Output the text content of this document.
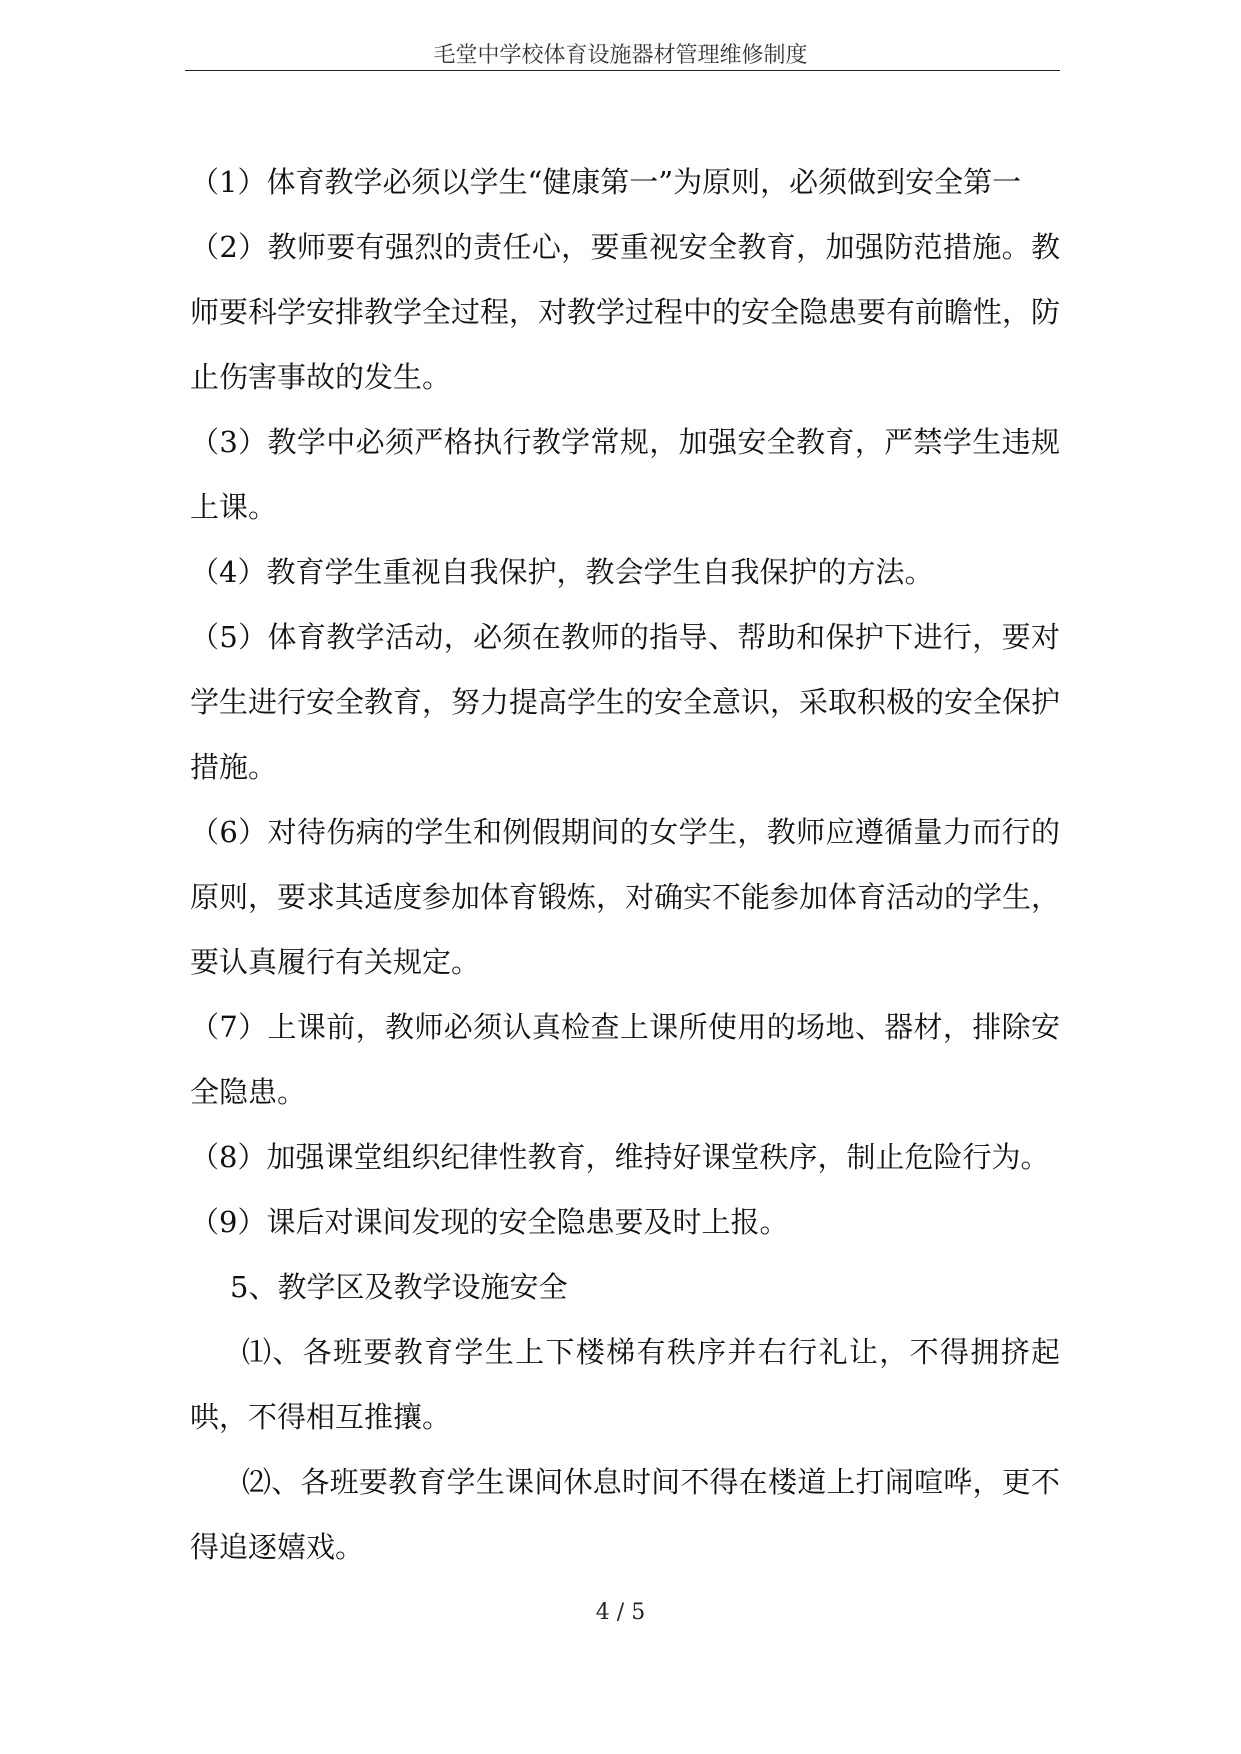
毛堂中学校体育设施器材管理维修制度

（1）体育教学必须以学生“健康第一”为原则，必须做到安全第一

（2）教师要有强烈的责任心，要重视安全教育，加强防范措施。教师要科学安排教学全过程，对教学过程中的安全隐患要有前瞻性，防止伤害事故的发生。

（3）教学中必须严格执行教学常规，加强安全教育，严禁学生违规上课。

（4）教育学生重视自我保护，教会学生自我保护的方法。

（5）体育教学活动，必须在教师的指导、帮助和保护下进行，要对学生进行安全教育，努力提高学生的安全意识，采取积极的安全保护措施。

（6）对待伤病的学生和例假期间的女学生，教师应遵循量力而行的原则，要求其适度参加体育锻炼，对确实不能参加体育活动的学生，要认真履行有关规定。

（7）上课前，教师必须认真检查上课所使用的场地、器材，排除安全隐患。

（8）加强课堂组织纪律性教育，维持好课堂秩序，制止危险行为。

（9）课后对课间发现的安全隐患要及时上报。

5、教学区及教学设施安全

⑴、各班要教育学生上下楼梯有秩序并右行礼让，不得拥挤起哄，不得相互推攘。

⑵、各班要教育学生课间休息时间不得在楼道上打闹喧哗，更不得追逐嬉戏。

4 / 5
